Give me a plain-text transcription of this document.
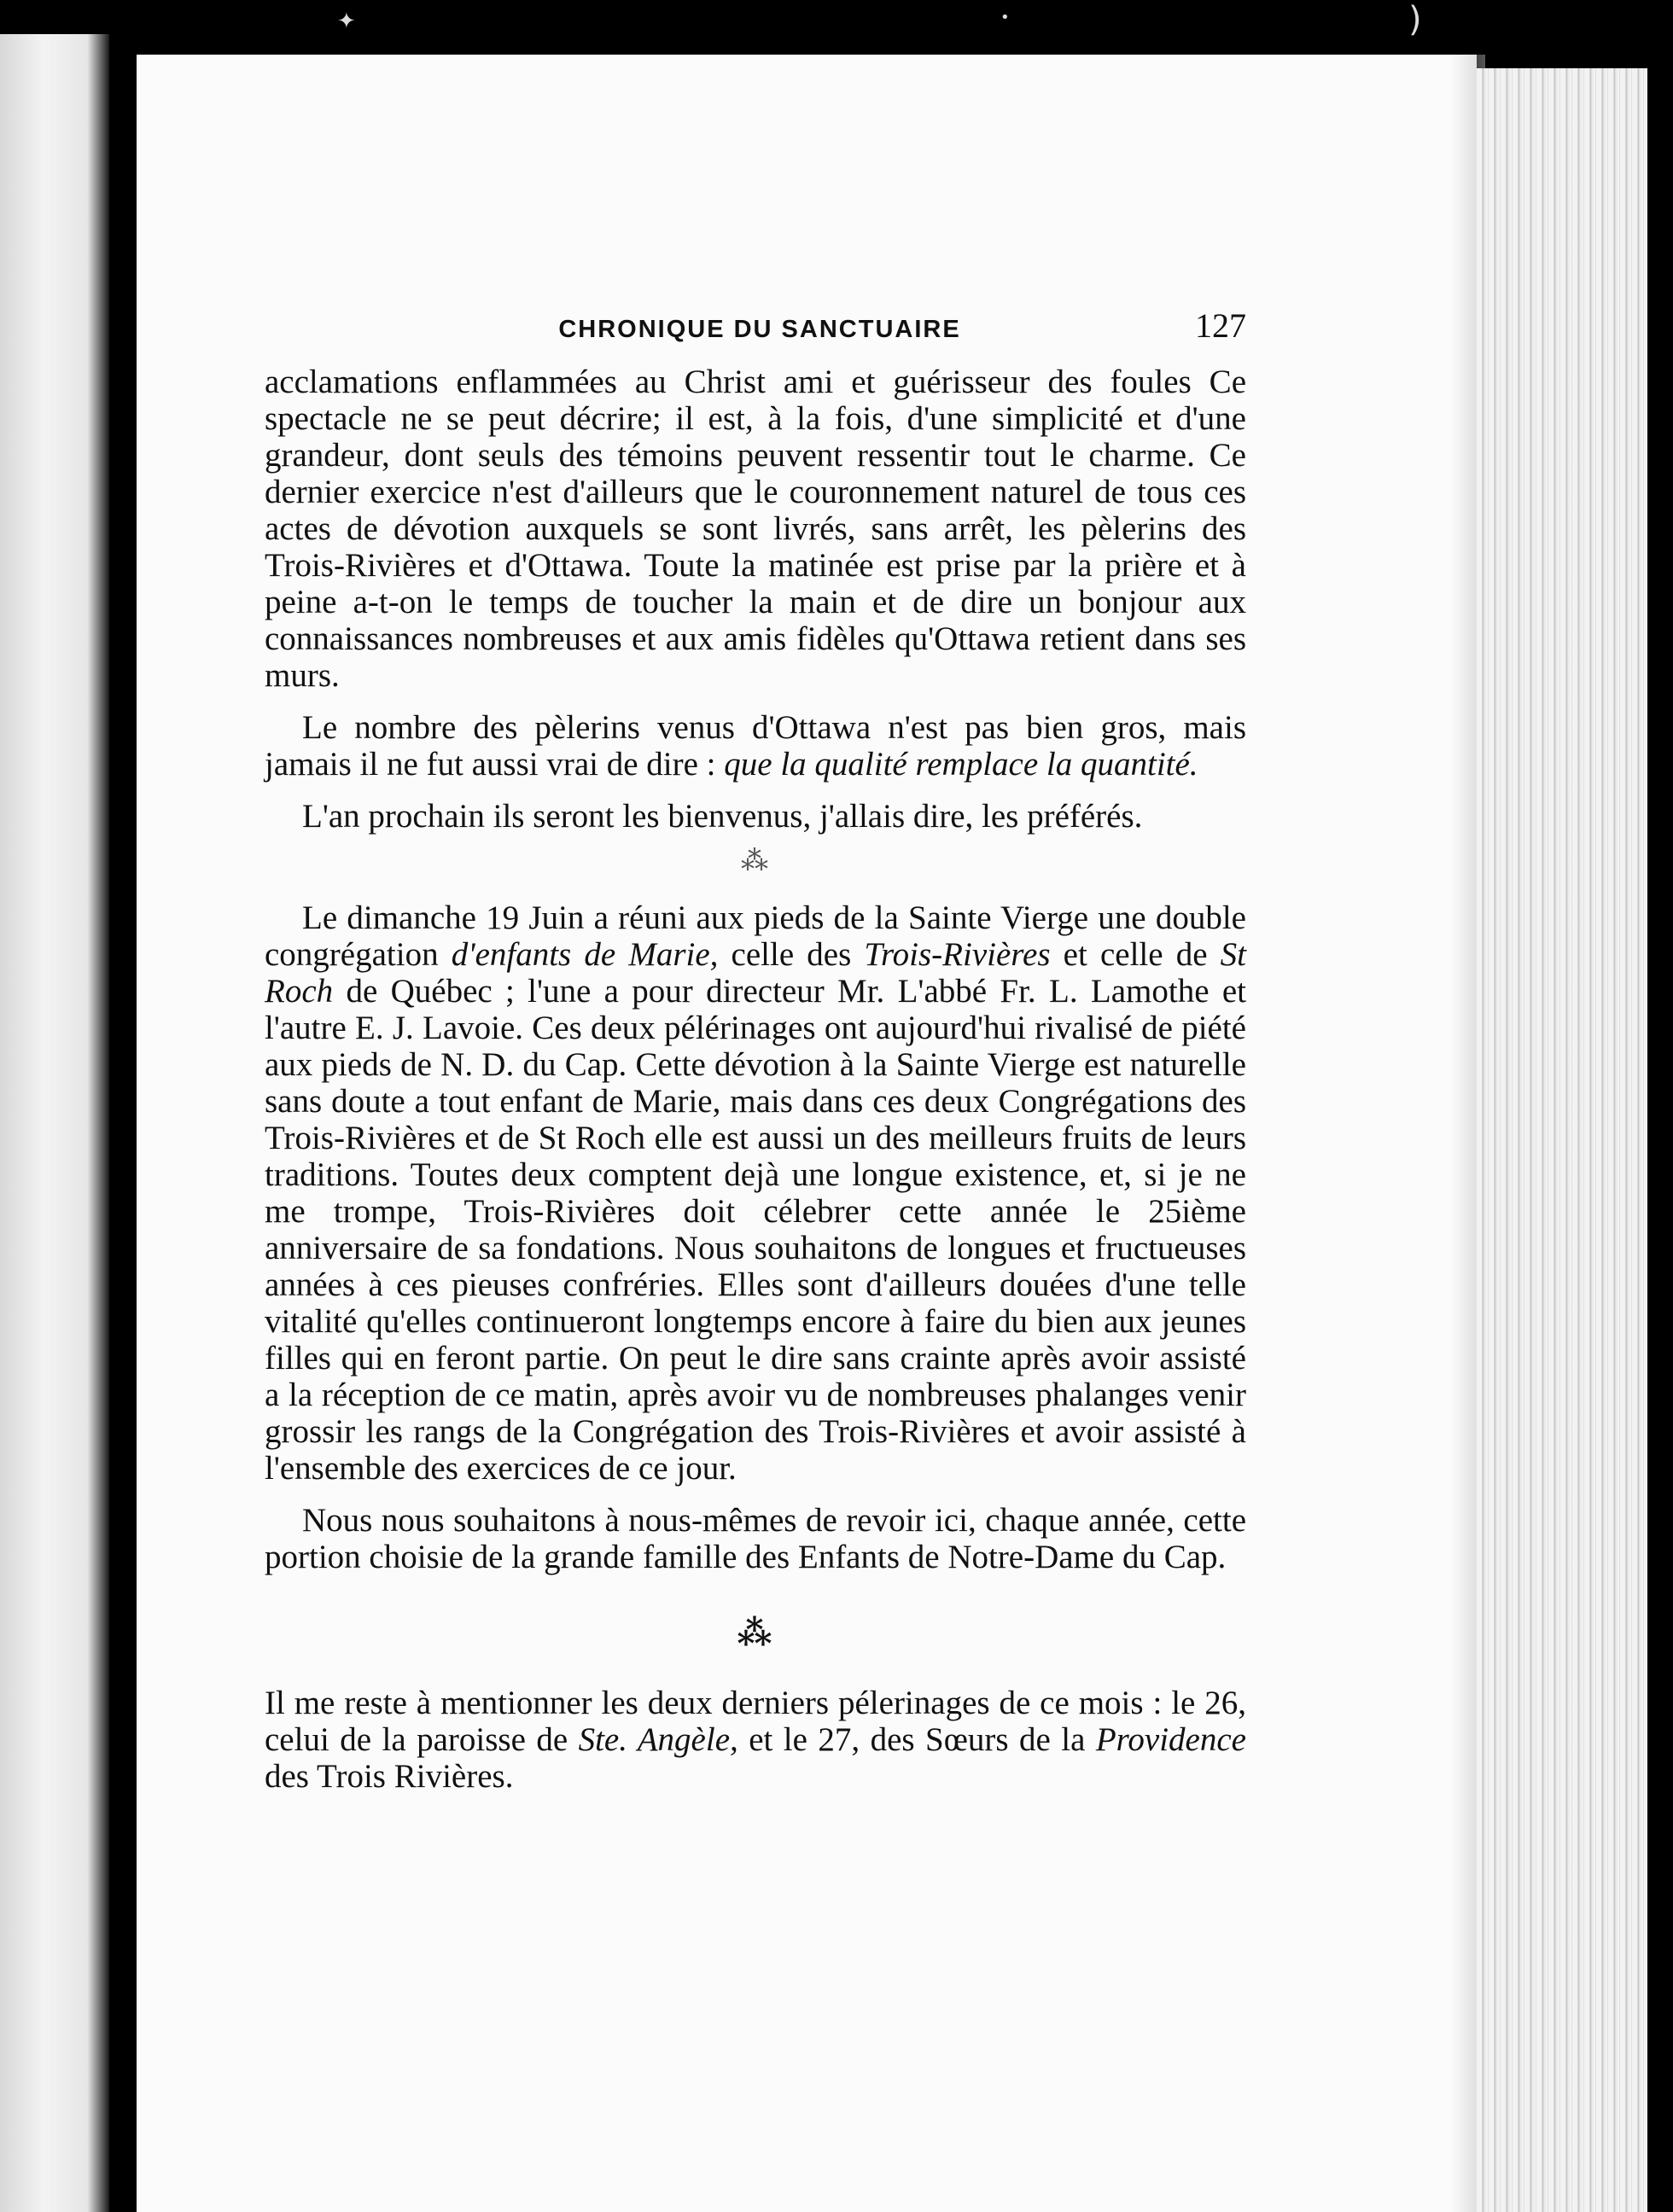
✦	•	)
CHRONIQUE DU SANCTUAIRE	127

acclamations enflammées au Christ ami et guérisseur des foules Ce spectacle ne se peut décrire; il est, à la fois, d'une simplicité et d'une grandeur, dont seuls des témoins peuvent ressentir tout le charme. Ce dernier exercice n'est d'ailleurs que le couronnement naturel de tous ces actes de dévotion auxquels se sont livrés, sans arrêt, les pèlerins des Trois-Rivières et d'Ottawa. Toute la matinée est prise par la prière et à peine a-t-on le temps de toucher la main et de dire un bonjour aux connaissances nombreuses et aux amis fidèles qu'Ottawa retient dans ses murs.

Le nombre des pèlerins venus d'Ottawa n'est pas bien gros, mais jamais il ne fut aussi vrai de dire : que la qualité remplace la quantité.

L'an prochain ils seront les bienvenus, j'allais dire, les préférés.

⁂

Le dimanche 19 Juin a réuni aux pieds de la Sainte Vierge une double congrégation d'enfants de Marie, celle des Trois-Rivières et celle de St Roch de Québec ; l'une a pour directeur Mr. L'abbé Fr. L. Lamothe et l'autre E. J. Lavoie. Ces deux pélérinages ont aujourd'hui rivalisé de piété aux pieds de N. D. du Cap. Cette dévotion à la Sainte Vierge est naturelle sans doute a tout enfant de Marie, mais dans ces deux Congrégations des Trois-Rivières et de St Roch elle est aussi un des meilleurs fruits de leurs traditions. Toutes deux comptent dejà une longue existence, et, si je ne me trompe, Trois-Rivières doit célebrer cette année le 25ième anniversaire de sa fondations. Nous souhaitons de longues et fructueuses années à ces pieuses confréries. Elles sont d'ailleurs douées d'une telle vitalité qu'elles continueront longtemps encore à faire du bien aux jeunes filles qui en feront partie. On peut le dire sans crainte après avoir assisté a la réception de ce matin, après avoir vu de nombreuses phalanges venir grossir les rangs de la Congrégation des Trois-Rivières et avoir assisté à l'ensemble des exercices de ce jour.

Nous nous souhaitons à nous-mêmes de revoir ici, chaque année, cette portion choisie de la grande famille des Enfants de Notre-Dame du Cap.

⁂

Il me reste à mentionner les deux derniers pélerinages de ce mois : le 26, celui de la paroisse de Ste. Angèle, et le 27, des Sœurs de la Providence des Trois Rivières.
